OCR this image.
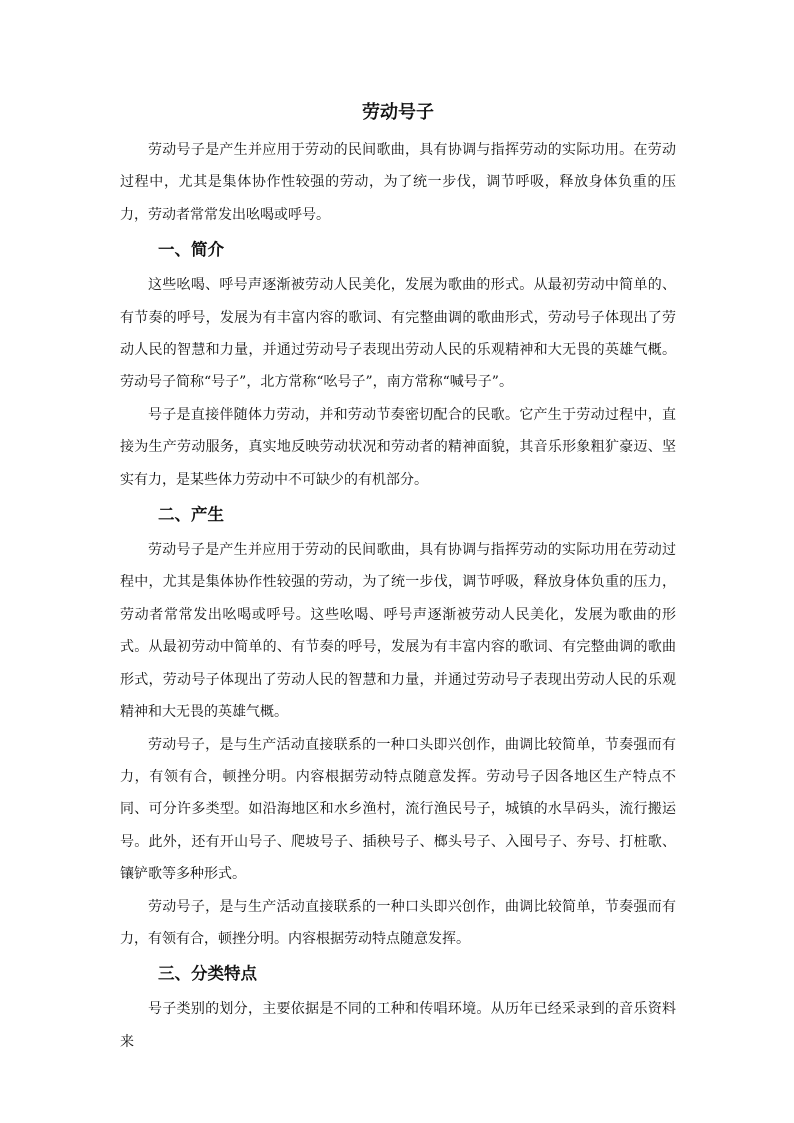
劳动号子

劳动号子是产生并应用于劳动的民间歌曲，具有协调与指挥劳动的实际功用。在劳动过程中，尤其是集体协作性较强的劳动，为了统一步伐，调节呼吸，释放身体负重的压力，劳动者常常发出吆喝或呼号。

一、简介

这些吆喝、呼号声逐渐被劳动人民美化，发展为歌曲的形式。从最初劳动中简单的、有节奏的呼号，发展为有丰富内容的歌词、有完整曲调的歌曲形式，劳动号子体现出了劳动人民的智慧和力量，并通过劳动号子表现出劳动人民的乐观精神和大无畏的英雄气概。劳动号子简称“号子”，北方常称“吆号子”，南方常称“喊号子”。

号子是直接伴随体力劳动，并和劳动节奏密切配合的民歌。它产生于劳动过程中，直接为生产劳动服务，真实地反映劳动状况和劳动者的精神面貌，其音乐形象粗犷豪迈、坚实有力，是某些体力劳动中不可缺少的有机部分。

二、产生

劳动号子是产生并应用于劳动的民间歌曲，具有协调与指挥劳动的实际功用在劳动过程中，尤其是集体协作性较强的劳动，为了统一步伐，调节呼吸，释放身体负重的压力，劳动者常常发出吆喝或呼号。这些吆喝、呼号声逐渐被劳动人民美化，发展为歌曲的形式。从最初劳动中简单的、有节奏的呼号，发展为有丰富内容的歌词、有完整曲调的歌曲形式，劳动号子体现出了劳动人民的智慧和力量，并通过劳动号子表现出劳动人民的乐观精神和大无畏的英雄气概。

劳动号子，是与生产活动直接联系的一种口头即兴创作，曲调比较简单，节奏强而有力，有领有合，顿挫分明。内容根据劳动特点随意发挥。劳动号子因各地区生产特点不同、可分许多类型。如沿海地区和水乡渔村，流行渔民号子，城镇的水旱码头，流行搬运号。此外，还有开山号子、爬坡号子、插秧号子、榔头号子、入囤号子、夯号、打桩歌、镶铲歌等多种形式。

劳动号子，是与生产活动直接联系的一种口头即兴创作，曲调比较简单，节奏强而有力，有领有合，顿挫分明。内容根据劳动特点随意发挥。

三、分类特点

号子类别的划分，主要依据是不同的工种和传唱环境。从历年已经采录到的音乐资料来
